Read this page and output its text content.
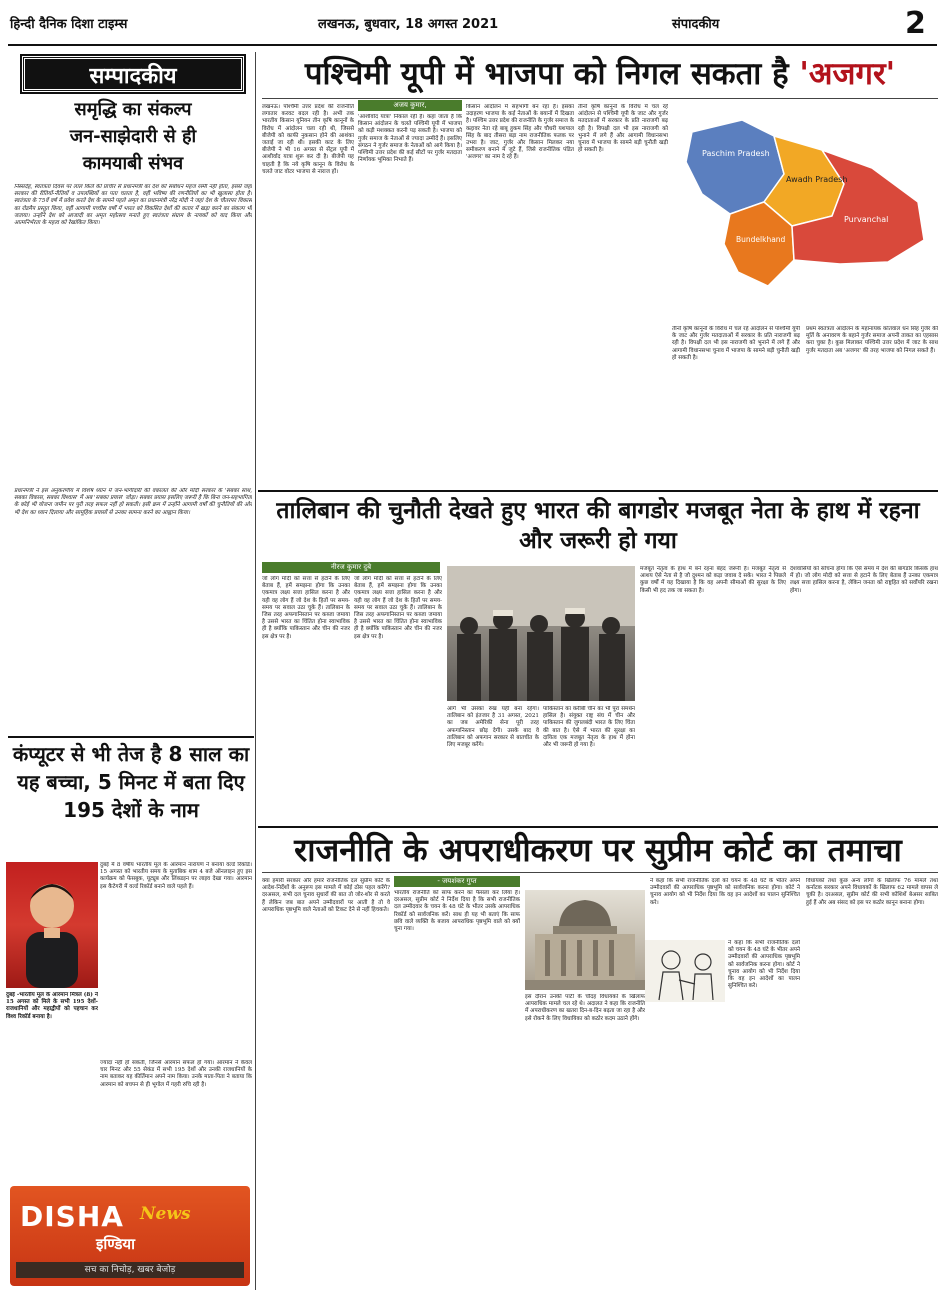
हिन्दी दैनिक दिशा टाइम्स	लखनऊ, बुधवार, 18 अगस्त 2021	संपादकीय	2
सम्पादकीय
समृद्धि का संकल्प
जन-साझेदारी से ही
कामयाबी संभव
निस्संदेह, स्वतंत्रता दिवस पर लाल किले की प्राचीर से प्रधानमंत्री का देश को संबोधन महज रस्मी नहीं होता, इससे जहां सरकार की रीतियों-नीतियों व उपलब्धियों का पता चलता है, वहीं भविष्य की रणनीतियों का भी खुलासा होता है। स्वतंत्रता के 75वें वर्ष में प्रवेश करते देश के सामने पहले अमृत का प्रधानमंत्री नरेंद्र मोदी ने जहां देश के चौतरफा विकास का रोडमैप प्रस्तुत किया, वहीं आगामी पच्चीस वर्षों में भारत को विकसित देशों की कतार में खड़ा करने का संकल्प भी जताया। उन्होंने देश को आजादी का अमृत महोत्सव मनाते हुए स्वतंत्रता संग्राम के नायकों को याद किया और आत्मनिर्भरता के महत्व को रेखांकित किया।
प्रधानमंत्री ने इस अनुकरणीय में विशेष ध्यान में जन-भागीदारी की वकालत की और मोदी सरकार के 'सबका साथ, सबका विकास, सबका विश्वास' में अब 'सबका प्रयास' जोड़ा। सबका प्रयास इसलिए जरूरी है कि बिना जन-सहभागिता के कोई भी योजना जमीन पर पूरी तरह सफल नहीं हो सकती। इसी क्रम में उन्होंने आगामी वर्षों की चुनौतियों की ओर भी देश का ध्यान दिलाया और सामूहिक प्रयासों से उनका सामना करने का आह्वान किया।
पश्चिमी यूपी में भाजपा को निगल सकता है 'अजगर'
लखनऊ। पश्चिमी उत्तर प्रदेश की राजनीति लगातार करवट बदल रही है। अभी तक भारतीय किसान यूनियन तीन कृषि कानूनों के विरोध में आंदोलन चला रही थी, जिससे बीजेपी को काफी नुकसान होने की आशंका जताई जा रही थी। इसकी काट के लिए बीजेपी ने भी 16 अगस्त से सेंट्रल यूपी में आशीर्वाद यात्रा शुरू कर दी है। बीजेपी यह चाहती है कि नये कृषि कानून के विरोध के चलते जाट वोटर भाजपा से नाराज हों।
अजय कुमार,
'आशीर्वाद यात्रा' निकाल रही है। कहा जाता है कि किसान आंदोलन के चलते पश्चिमी यूपी में भाजपा को कड़ी मशक्कत करनी पड़ सकती है। भाजपा को गुर्जर समाज के नेताओं से ज्यादा उम्मीदें हैं। इसलिए संगठन ने गुर्जर समाज के नेताओं को आगे किया है। पश्चिमी उत्तर प्रदेश की कई सीटों पर गुर्जर मतदाता निर्णायक भूमिका निभाते हैं।
किसान आंदोलन में सहभागी बन रहा है। इसका उदाहरण भाजपा के कई नेताओं के बयानों में दिखता है। पश्चिम उत्तर प्रदेश की राजनीति के गुर्जर समाज के कद्दावर नेता रहे बाबू हुकम सिंह और चौधरी यशपाल सिंह के बाद तीसरा बड़ा नाम राजनीतिक फलक पर उभरा है। जाट, गुर्जर और किसान मिलकर नया समीकरण बनाने में जुटे हैं, जिसे राजनीतिक पंडित 'अजगर' का नाम दे रहे हैं।
तीनों कृषि कानूनों के विरोध में चल रहे आंदोलन से पश्चिमी यूपी के जाट और गुर्जर मतदाताओं में सरकार के प्रति नाराजगी बढ़ रही है। विपक्षी दल भी इस नाराजगी को भुनाने में लगे हैं और आगामी विधानसभा चुनाव में भाजपा के सामने बड़ी चुनौती खड़ी हो सकती है।
तीनों कृषि कानूनों के विरोध में चल रहे आंदोलन से पश्चिमी यूपी के जाट और गुर्जर मतदाताओं में सरकार के प्रति नाराजगी बढ़ रही है। विपक्षी दल भी इस नाराजगी को भुनाने में लगे हैं और आगामी विधानसभा चुनाव में भाजपा के सामने बड़ी चुनौती खड़ी हो सकती है।
प्रथम स्वतंत्रता आंदोलन के महानायक कोतवाल धन सिंह गुर्जर की मूर्ति के अनावरण के बहाने गुर्जर समाज अपनी ताकत का एहसास करा चुका है। कुछ मिलाकर पश्चिमी उत्तर प्रदेश में जाट के साथ गुर्जर मतदाता अब 'अजगर' की तरह भाजपा को निगल सकते हैं।
Paschim Pradesh
Awadh Pradesh
Bundelkhand
Purvanchal
तालिबान की चुनौती देखते हुए भारत की बागडोर मजबूत नेता के हाथ में रहना और जरूरी हो गया
नीरज कुमार दुबे
जो लोग मोदी को सत्ता से हटाने के लिए बेताब हैं, हमें समझना होगा कि उनका एकमात्र लक्ष्य सत्ता हासिल करना है और यही वह लोग हैं जो देश के हितों पर समय-समय पर सवाल उठा चुके हैं। तालिबान के जिस तरह अफगानिस्तान पर कब्जा जमाया है उससे भारत का चिंतित होना स्वाभाविक ही है क्योंकि पाकिस्तान और चीन की नजर इस क्षेत्र पर है।
जो लोग मोदी को सत्ता से हटाने के लिए बेताब हैं, हमें समझना होगा कि उनका एकमात्र लक्ष्य सत्ता हासिल करना है और यही वह लोग हैं जो देश के हितों पर समय-समय पर सवाल उठा चुके हैं। तालिबान के जिस तरह अफगानिस्तान पर कब्जा जमाया है उससे भारत का चिंतित होना स्वाभाविक ही है क्योंकि पाकिस्तान और चीन की नजर इस क्षेत्र पर है।
आगे भी उसका रुख यही बना रहेगा। तालिबान को इंतजार है 31 अगस्त, 2021 का जब अमेरिकी सेना पूरी तरह अफगानिस्तान छोड़ देगी। उसके बाद वे तालिबान को अफगान सरकार से बातचीत के लिए मजबूर करेंगे।
पाकिस्तान का करीबी चीन का भी पूरा समर्थन हासिल है। संयुक्त राष्ट्र संघ में चीन और पाकिस्तान की जुगलबंदी भारत के लिए चिंता की बात है। ऐसे में भारत की सुरक्षा का दायित्व एक मजबूत नेतृत्व के हाथ में होना और भी जरूरी हो गया है।
मजबूत नेतृत्व के हाथ में बने रहना बेहद जरूरी है। मजबूत नेतृत्व से आशय ऐसे नेता से है जो दुश्मन को कड़ा जवाब दे सके। भारत ने पिछले कुछ वर्षों में यह दिखाया है कि वह अपनी सीमाओं की सुरक्षा के लिए किसी भी हद तक जा सकता है।
देशवासियों को सोचना होगा कि ऐसे समय में देश की बागडोर किसके हाथ में हो। जो लोग मोदी को सत्ता से हटाने के लिए बेताब हैं उनका एकमात्र लक्ष्य सत्ता हासिल करना है, लेकिन जनता को राष्ट्रहित को सर्वोपरि रखना होगा।
कंप्यूटर से भी तेज है 8 साल का यह बच्चा, 5 मिनट में बता दिए 195 देशों के नाम
दुबई में 8 वर्षीय भारतीय मूल के आरमान नारायण ने बनाया वर्ल्ड रिकॉर्ड। 15 अगस्त को भारतीय समय के मुताबिक शाम 4 बजे ऑनलाइन हुए इस कार्यक्रम को फेसबुक, यूट्यूब और लिंक्डइन पर लाइव देखा गया। आरमान इस कैटेगरी में वर्ल्ड रिकॉर्ड बनाने वाले पहले हैं।
दुबई -भारतीय मूल के आरमान मित्रल (8) ने 15 अगस्त को मिले के सभी 195 देशों-राजधानियों और महाद्वीपों को पहचान कर विश्व रिकॉर्ड बनाया है।
ज्यादा नहीं हो सकती, जिनसे आरमान सफल हो गया। आरमान ने केवल चार मिनट और 55 सेकंड में सभी 195 देशों और उनकी राजधानियों के नाम बताकर यह कीर्तिमान अपने नाम किया। उनके माता-पिता ने बताया कि आरमान को बचपन से ही भूगोल में गहरी रुचि रही है।
राजनीति के अपराधीकरण पर सुप्रीम कोर्ट का तमाचा
क्या हमारी सरकार और हमारे राजनीतिक दल सुप्रीम कोर्ट के आदेश-निर्देशों के अनुरूप इस मामले में कोई ठोस पहल करेंगे? दरअसल, सभी दल चुनाव सुधारों की बात तो जोर-शोर से करते हैं लेकिन जब बात अपने उम्मीदवारों पर आती है तो वे आपराधिक पृष्ठभूमि वाले नेताओं को टिकट देने से नहीं हिचकते।
- जयशंकर गुप्त
भारतीय राजनीति को साफ करने का फैसला कर लिया है। दरअसल, सुप्रीम कोर्ट ने निर्देश दिया है कि सभी राजनीतिक दल उम्मीदवार के चयन के 48 घंटे के भीतर उसके आपराधिक रिकॉर्ड को सार्वजनिक करें। साथ ही यह भी बताएं कि साफ छवि वाले व्यक्ति के बजाय आपराधिक पृष्ठभूमि वाले को क्यों चुना गया।
इस दौरान उनकी पार्टी के चौदह विधायकों के खिलाफ आपराधिक मामले चल रहे थे। अदालत ने कहा कि राजनीति में अपराधीकरण का खतरा दिन-ब-दिन बढ़ता जा रहा है और इसे रोकने के लिए विधायिका को कठोर कदम उठाने होंगे।
ने कहा कि सभी राजनीतिक दलों को चयन के 48 घंटे के भीतर अपने उम्मीदवारों की आपराधिक पृष्ठभूमि को सार्वजनिक करना होगा। कोर्ट ने चुनाव आयोग को भी निर्देश दिया कि वह इन आदेशों का पालन सुनिश्चित करे।
ने कहा कि सभी राजनीतिक दलों को चयन के 48 घंटे के भीतर अपने उम्मीदवारों की आपराधिक पृष्ठभूमि को सार्वजनिक करना होगा। कोर्ट ने चुनाव आयोग को भी निर्देश दिया कि वह इन आदेशों का पालन सुनिश्चित करे।
विधायकों तथा कुछ अन्य लोगों के खिलाफ 76 मामले तथा कर्नाटक सरकार अपने विधायकों के खिलाफ 62 मामले वापस ले चुकी है। दरअसल, सुप्रीम कोर्ट की सभी कोशिशें बेअसर साबित हुई हैं और अब संसद को इस पर कठोर कानून बनाना होगा।
DISHA News
इण्डिया
सच का निचोड़, खबर बेजोड़
